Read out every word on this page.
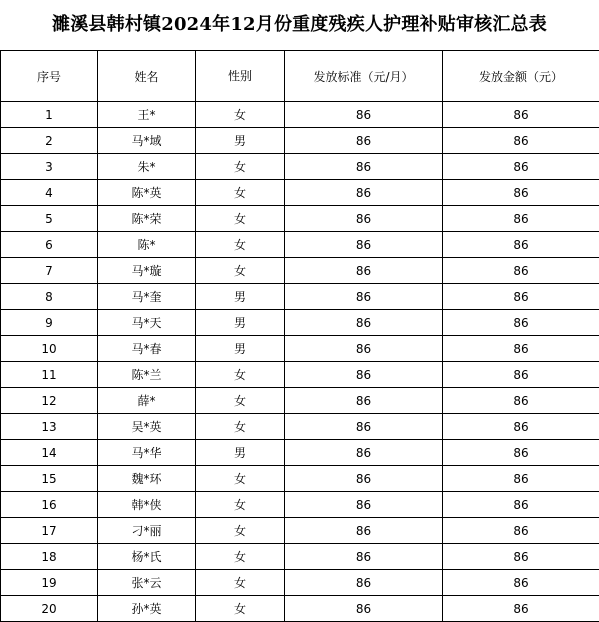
濉溪县韩村镇2024年12月份重度残疾人护理补贴审核汇总表
序号	姓名	性别	发放标准（元/月）	发放金额（元）
1	王*	女	86	86
2	马*域	男	86	86
3	朱*	女	86	86
4	陈*英	女	86	86
5	陈*荣	女	86	86
6	陈*	女	86	86
7	马*璇	女	86	86
8	马*奎	男	86	86
9	马*天	男	86	86
10	马*春	男	86	86
11	陈*兰	女	86	86
12	薛*	女	86	86
13	吴*英	女	86	86
14	马*华	男	86	86
15	魏*环	女	86	86
16	韩*侠	女	86	86
17	刁*丽	女	86	86
18	杨*氏	女	86	86
19	张*云	女	86	86
20	孙*英	女	86	86
